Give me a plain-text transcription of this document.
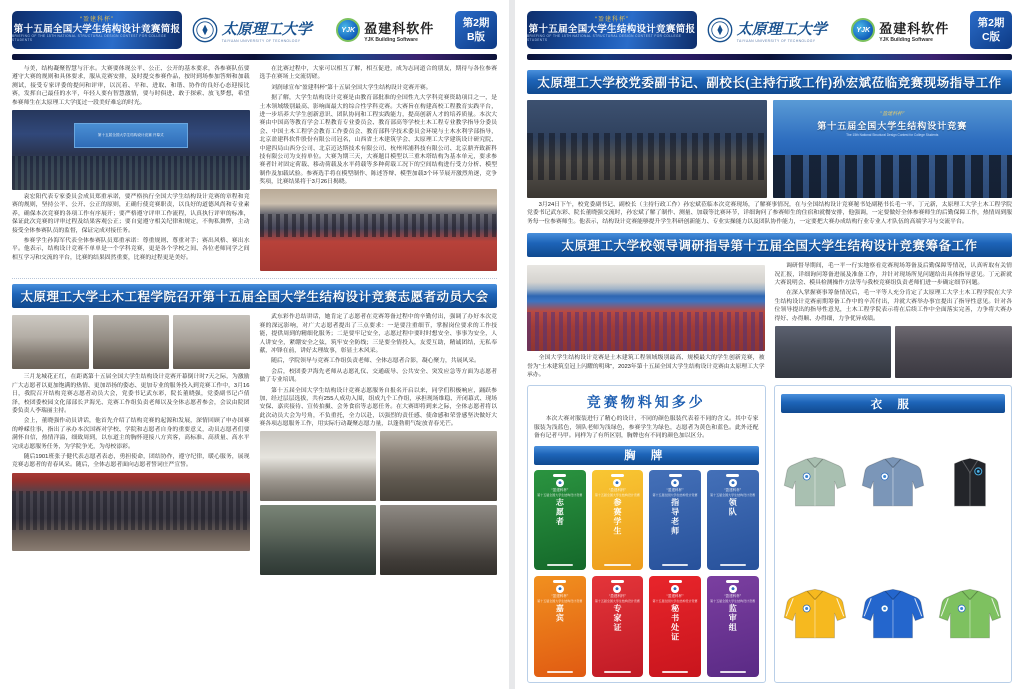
“盈建科杯”
第十五届全国大学生结构设计竞赛简报
BRIEFING OF THE 15TH NATIONAL STRUCTURAL DESIGN CONTEST FOR COLLEGE STUDENTS
太原理工大学
TAIYUAN UNIVERSITY OF TECHNOLOGY
YJK 盈建科软件
YJK Building Software
第2期
B版

与美，结构凝聚智慧与汗水。大赛要体现公平、公正、公开的基本要求，各参赛队伍要遵守大赛的规则和具体要求，服从竞赛安排，及时提交参赛作品，按时到场参加答辩和加载测试，接受专家评委的提问和评审，以沉着、平和、进取、和谐、协作的良好心态迎接比赛，发挥自己最佳的水平，年轻人要有智慧激情，要与时俱进、敢于探索、放飞梦想，希望参赛师生在太原理工大学度过一段美好难忘的时光。

第十五届全国大学生结构设计竞赛 开幕式

袁宏阳代表专家委员会成员郑重承诺，要严格执行全国大学生结构设计竞赛的章程和竞赛的规则，坚持公平、公开、公正的原则，正确行使竞赛职责，以良好的道德风尚和专业素养，确保本次竞赛的各项工作有序展开；要严格遵守评审工作流程，认真执行评审的标准，保证此次竞赛的评审过程及结果客观公正；要自觉遵守相关纪律和规定，不徇私舞弊，主动接受全体参赛队员的监督，保证完成对接任务。

参赛学生孙海军代表全体参赛队员郑重承诺：尊重规则、尊重对手；赛出风格、赛出水平。他表示，结构设计竞赛不单单是一个学科竞赛，更是各个学校之间、各位老师同学之间相互学习和交流的平台，比赛的结果固然重要，比赛的过程更是美好。

在比赛过程中，大家可以相互了解，相互促进，成为志同道合的朋友，期待与各位参赛选手在赛场上交流切磋。

刘润球宣布“盈建科杯”第十五届全国大学生结构设计竞赛开赛。

据了解，大学生结构设计竞赛是由教育部批准的全国性九大学科竞赛资助项目之一，是土木领域级别最高、影响面最大的综合性学科竞赛。大赛旨在构建高校工程教育实践平台，进一步培养大学生创新意识、团队协同和工程实践能力，提高创新人才的培养质量。本次大赛由中国高等教育学会工程教育专业委员会、教育部高等学校土木工程专业教学指导分委员会、中国土木工程学会教育工作委员会、教育部科学技术委员会环境与土木水利学部指导，北京盈建科软件股份有限公司冠名，山西省土木建筑学会、太原理工大学建筑设计研究院、中建四局山西分公司、北京迈达斯技术有限公司、杭州邦浦科技有限公司、北京鼎齐致新科技有限公司为支持单位。大赛为期三天，大赛题目模型以三重木塔结构为基本单元，要求参赛者针对固定荷载、移动荷载及水平荷载等多种荷载工况下的空间结构进行受力分析、模型制作及加载试验。参赛选手将在模型制作、陈述答辩、模型加载3个环节展开激烈角逐，竞争奖项，比赛结果将于3月26日揭晓。

太原理工大学土木工程学院召开第十五届全国大学生结构设计竞赛志愿者动员大会

三月龙城花正红，在距离第十五届全国大学生结构设计竞赛开幕倒计时7天之际，为激励广大志愿者以更加饱满的热情、更加昂扬的姿态、更加专业的服务投入到竞赛工作中，3月16日，我院召开结构竞赛志愿者动员大会，党委书记武东彩，院长董晓强，党委副书记卢倩泽，校团委校园文化部部长尹海光、竞赛工作组负责老师以及全体志愿者参会，会议由院团委负责人李瑞丽主持。

会上，董晓强作动员讲话，他首先介绍了结构竞赛的起源和发展，深情回顾了申办国赛的峥嵘往事，指出了承办本次国赛对学校、学院和志愿者自身的重要意义，动员志愿者们要满怀自信，热情洋溢，细致周到，以东道主的胸怀迎接八方宾客，高标准、高质量、高水平完成志愿服务任务，为学院争光，为母校添彩。

随后1901班张子健代表志愿者表态，勇担使命，团结协作，遵守纪律，暖心服务，展现竞赛志愿者的青春风采。随后，全体志愿者面向志愿者誓词庄严宣誓。

武东彩作总结讲话，她肯定了志愿者在竞赛筹备过程中的辛勤付出，强调了办好本次竞赛的深远影响，对广大志愿者提出了三点要求：一是要注重细节，掌握岗位要求的工作技能，提供周到的精细化服务；二是要牢记安全，志愿过程中要时时想安全、事事为安全，人人讲安全，紧绷安全之弦，筑牢安全防线；三是要全情投入，友爱互助，精诚团结，无私奉献，冲锋在前，讲好太理故事，彰显土木风采。

随后，学院领导与竞赛工作组负责老师、全体志愿者合影，凝心聚力，共展风采。

会后，校团委尹海先老师从志愿礼仪、交通疏导、公共安全、突发应急等方面为志愿者做了专业培训。

第十五届全国大学生结构设计竞赛志愿服务自报名开启以来，同学们积极响应，踊跃参加，经过层层选拔，共有255人成功入围，组成九个工作组，承担现场维稳、开闭幕式、现场安保、嘉宾接待、宣传拍摄、会务食宿等志愿任务。在大赛即将到来之际，全体志愿者将以此次动员大会为号角，不负重托，全力以赴，以强烈的责任感、使命感和荣誉感坚决做好大赛各项志愿服务工作，用实际行动凝聚志愿力量，以蓬勃朝气绽放青春光芒。

“盈建科杯”
第十五届全国大学生结构设计竞赛简报
BRIEFING OF THE 15TH NATIONAL STRUCTURAL DESIGN CONTEST FOR COLLEGE STUDENTS
太原理工大学
TAIYUAN UNIVERSITY OF TECHNOLOGY
YJK 盈建科软件
YJK Building Software
第2期
C版
太原理工大学校党委副书记、副校长(主持行政工作)孙宏斌莅临竞赛现场指导工作
“盈建科杯”
第十五届全国大学生结构设计竞赛
The 15th National Structural Design Contest for College Students

3月24日下午，校党委副书记、副校长（主持行政工作）孙宏斌莅临本次竞赛现场，了解赛事情况，在与全国结构设计竞赛秘书处副秘书长毛一平、丁元新，太原理工大学土木工程学院党委书记武东彩、院长董晓强交流时，孙宏斌了解了制作、测量、加载等比赛环节，详细询问了参赛师生的住宿和就餐安排，他强调，一定要做好全体参赛师生的后勤保障工作，热情周到服务每一位参赛师生。他表示，结构设计竞赛能够提升学生科研创新能力、专业实操能力以及团队协作能力，一定要把大赛办成结构行业专业人才队伍的高端学习与交流平台。

太原理工大学校领导调研指导第十五届全国大学生结构设计竞赛筹备工作

全国大学生结构设计竞赛是土木建筑工程领域级别最高、规模最大的学生创新竞赛，被誉为“土木建筑皇冠上闪耀的明珠”，2023年第十五届全国大学生结构设计竞赛由太原理工大学承办。

调研督导期间，毛一平一行实地察看竞赛现场筹备及后勤保障等情况，认真听取有关情况汇报，详细询问筹备进展及准备工作，并针对现场所见问题给出具体指导意见。丁元新就大赛说明会、模具检测操作方法等与我校竞赛组负责老师们进一步确定细节问题。

在深入掌握赛事筹备情况后，毛一平等人充分肯定了太原理工大学土木工程学院在大学生结构设计竞赛前期筹备工作中的辛苦付出，并就大赛举办事宜提出了指导性意见。针对各位领导提出的指导性意见，土木工程学院表示将在后续工作中全面落实完善，力争将大赛办得好、办得顺、办得细，力争优异成绩。

竞赛物料知多少

本次大赛对服装进行了精心的设计，不同的颜色服装代表着不同的含义。其中专家服装为浅蓝色，领队老师为浅绿色，参赛学生为绿色，志愿者为黄色和蓝色。此外还配备有记者马甲。同样为了有所区别，胸牌也有不同的颜色加以区分。

胸 牌
“盈建科杯”
第十五届全国大学生结构设计竞赛
志愿者
“盈建科杯”
第十五届全国大学生结构设计竞赛
参赛学生
“盈建科杯”
第十五届全国大学生结构设计竞赛
指导老师
“盈建科杯”
第十五届全国大学生结构设计竞赛
领队
“盈建科杯”
第十五届全国大学生结构设计竞赛
嘉宾
“盈建科杯”
第十五届全国大学生结构设计竞赛
专家证
“盈建科杯”
第十五届全国大学生结构设计竞赛
秘书处证
“盈建科杯”
第十五届全国大学生结构设计竞赛
监审组
衣 服
